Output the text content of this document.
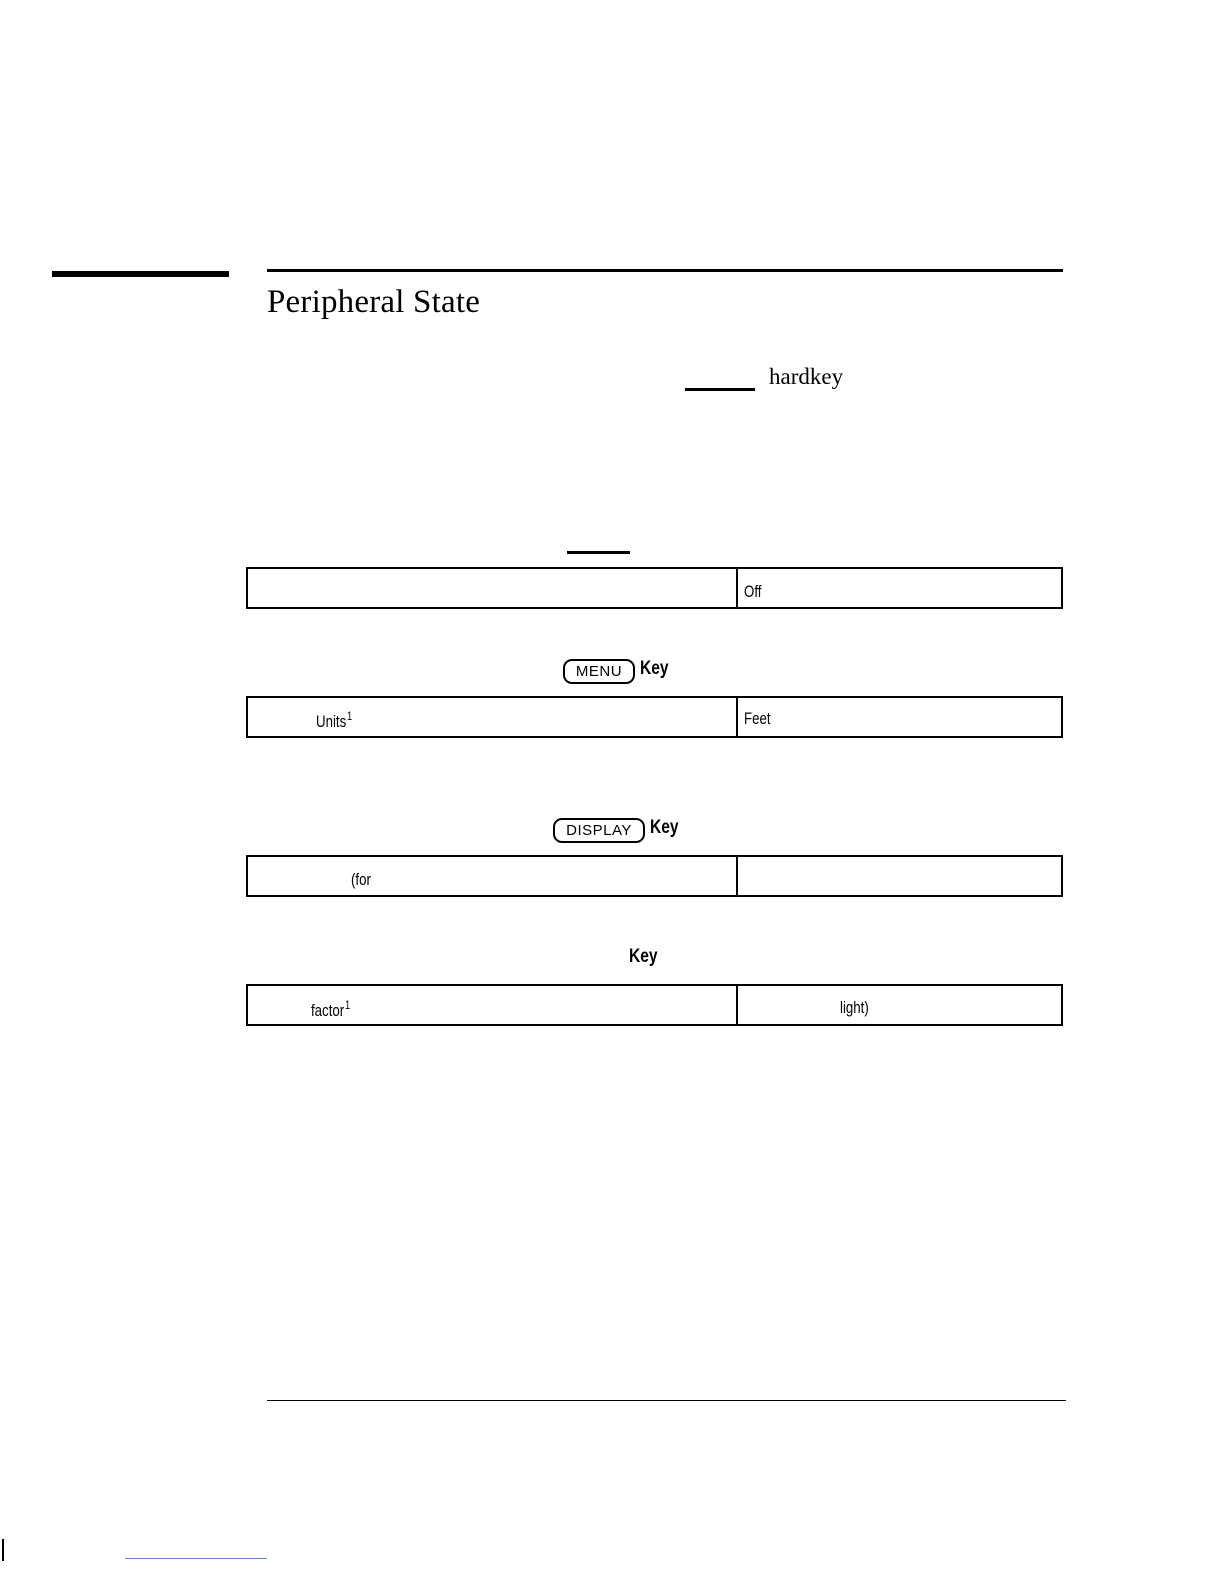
Peripheral State
hardkey
Off
MENU Key
Units$^1$	Feet
DISPLAY Key
(for
Key
factor$^1$	light)
